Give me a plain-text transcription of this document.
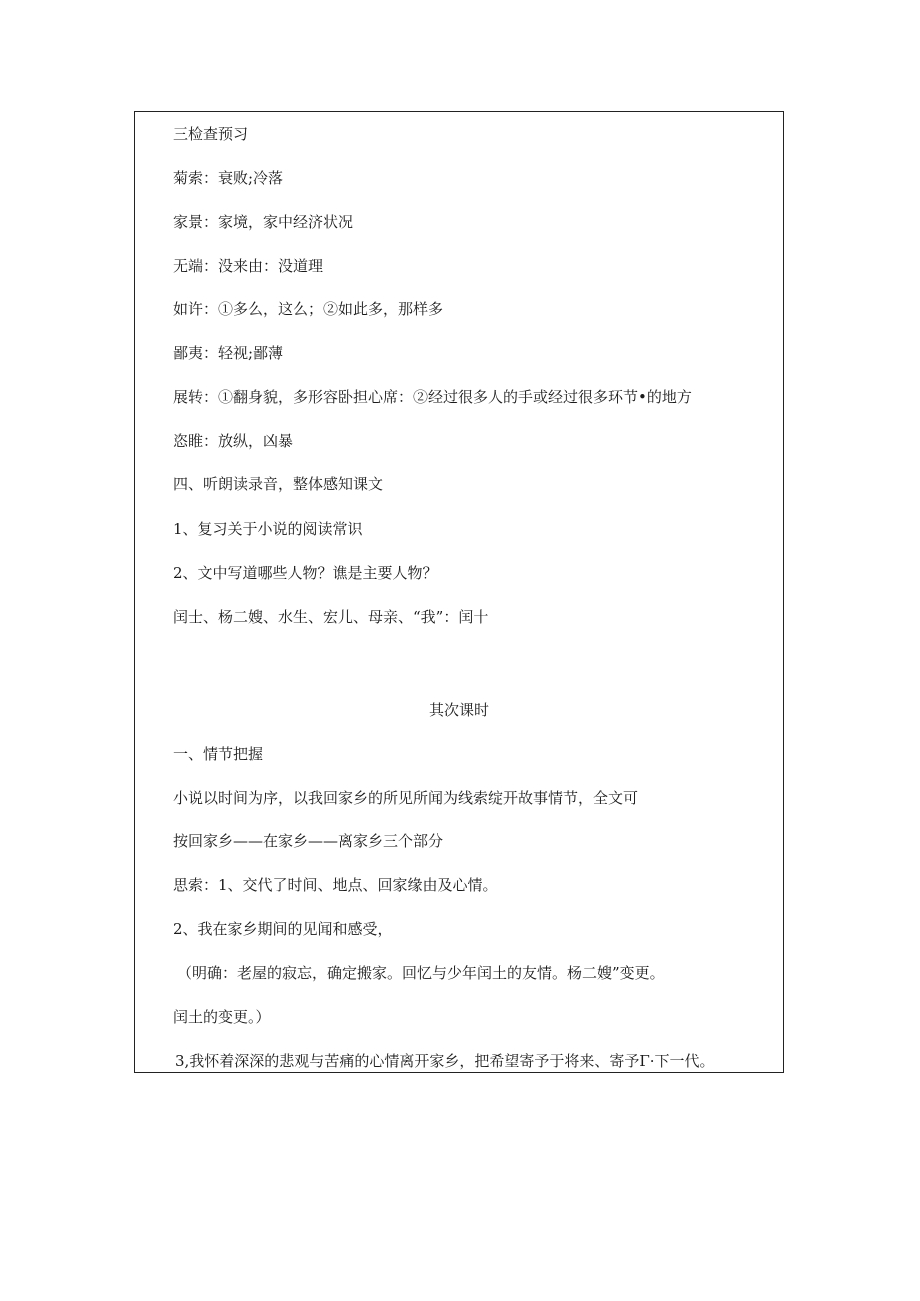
三检查预习
菊索：衰败;冷落
家景：家境，家中经济状况
无端：没来由：没道理
如许：①多么，这么；②如此多，那样多
鄙夷：轻视;鄙薄
展转：①翻身貌，多形容卧担心席：②经过很多人的手或经过很多环节•的地方
恣睢：放纵，凶暴
四、听朗读录音，整体感知课文
1、复习关于小说的阅读常识
2、文中写道哪些人物？谯是主要人物？
闰士、杨二嫂、水生、宏儿、母亲、“我”：闰十
其次课时
一、情节把握
小说以时间为序，以我回家乡的所见所闻为线索绽开故事情节，全文可
按回家乡——在家乡——离家乡三个部分
思索：1、交代了时间、地点、回家缘由及心情。
2、我在家乡期间的见闻和感受，
（明确：老屋的寂忘，确定搬家。回忆与少年闰土的友情。杨二嫂”变更。
闰土的变更。）
3,我怀着深深的悲观与苦痛的心情离开家乡，把希望寄予于将来、寄予Γ·下一代。
